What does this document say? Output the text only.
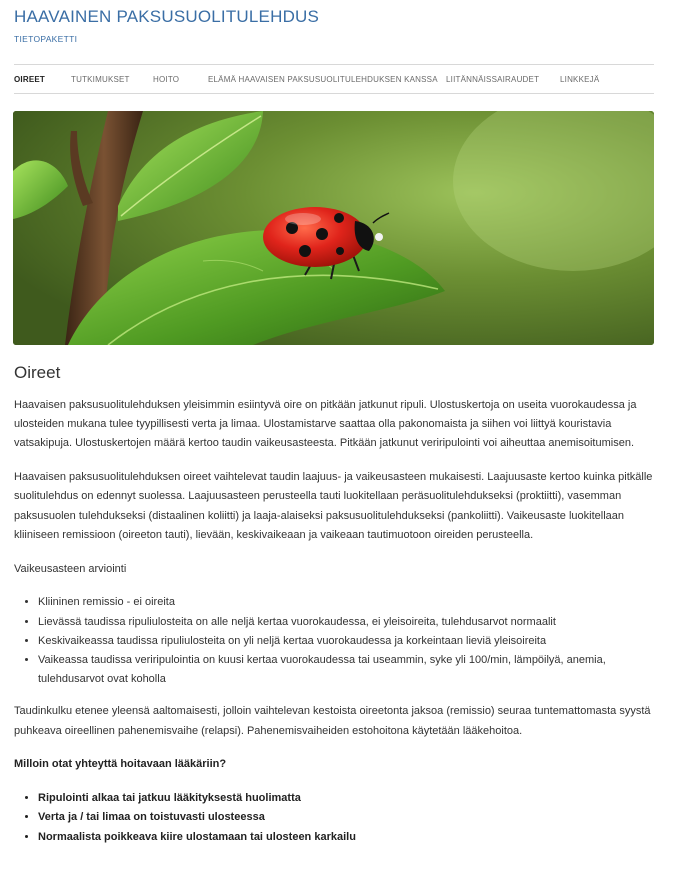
HAAVAINEN PAKSUSUOLITULEHDUS
TIETOPAKETTI
OIREET	TUTKIMUKSET	HOITO	ELÄMÄ HAAVAISEN PAKSUSUOLITULEHDUKSEN KANSSA LIITÄNNÄISSAIRAUDET	LINKKEJÄ
Oireet

Haavaisen paksusuolitulehduksen yleisimmin esiintyvä oire on pitkään jatkunut ripuli. Ulostuskertoja on useita vuorokaudessa ja ulosteiden mukana tulee tyypillisesti verta ja limaa. Ulostamistarve saattaa olla pakonomaista ja siihen voi liittyä kouristavia vatsakipuja. Ulostuskertojen määrä kertoo taudin vaikeusasteesta. Pitkään jatkunut veriripulointi voi aiheuttaa anemisoitumisen.

Haavaisen paksusuolitulehduksen oireet vaihtelevat taudin laajuus- ja vaikeusasteen mukaisesti. Laajuusaste kertoo kuinka pitkälle suolitulehdus on edennyt suolessa. Laajuusasteen perusteella tauti luokitellaan peräsuolitulehdukseksi (proktiitti), vasemman paksusuolen tulehdukseksi (distaalinen koliitti) ja laaja-alaiseksi paksusuolitulehdukseksi (pankoliitti). Vaikeusaste luokitellaan kliiniseen remissioon (oireeton tauti), lievään, keskivaikeaan ja vaikeaan tautimuotoon oireiden perusteella.

Vaikeusasteen arviointi

• Kliininen remissio - ei oireita
• Lievässä taudissa ripuliulosteita on alle neljä kertaa vuorokaudessa, ei yleisoireita, tulehdusarvot normaalit
• Keskivaikeassa taudissa ripuliulosteita on yli neljä kertaa vuorokaudessa ja korkeintaan lieviä yleisoireita
• Vaikeassa taudissa veriripulointia on kuusi kertaa vuorokaudessa tai useammin, syke yli 100/min, lämpöilyä, anemia, tulehdusarvot ovat koholla

Taudinkulku etenee yleensä aaltomaisesti, jolloin vaihtelevan kestoista oireetonta jaksoa (remissio) seuraa tuntemattomasta syystä puhkeava oireellinen pahenemisvaihe (relapsi). Pahenemisvaiheiden estohoitona käytetään lääkehoitoa.

Milloin otat yhteyttä hoitavaan lääkäriin?

• Ripulointi alkaa tai jatkuu lääkityksestä huolimatta
• Verta ja / tai limaa on toistuvasti ulosteessa
• Normaalista poikkeava kiire ulostamaan tai ulosteen karkailu
